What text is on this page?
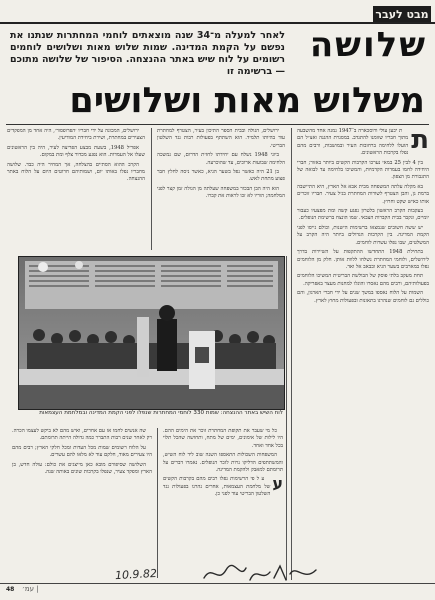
מבט לעבר
שלושה
לאחר למעלה מ־34 שנה מוצאתים לוחמי המחתרות שנתנו את נפשם על הקמת המדינה. שמות שלוש מאות ושלושים לוחמים רשומים על לוח שיש באתר ההנצחה. הסיפור של שלושה מתוכם — ברשימה זו
משלוש מאות ושלושים
ת

ת יכען עולי ורוסכארה ב־1947 נמנה אחד מהשבעה מתוך חבריו שזומנו להתנדב. במסגרת ההגנה ואצ״ל הם הועלו ללחימה ברחובות העיר ובמושבות, ורבים מהם נפלו בקרבות הראשונים.

בין 4 לבין 25 במאי נערכו הקרבות הקשים ביותר באזור; חברי היחידה לחמו בעמדות הקדמיות, והמשיכו בלחימה עד לבואה של התגבורת מן הצפון.

בא מקלה עלתה המשפחה מבית אבא אל הארץ, היא התיישבה ברמת גן, והבן הצטרף לשורות המחתרת בגיל צעיר. חבריו זוכרים אותו כאיש שקט וחרוץ.

בעקבות הקרב הראשון בלטרון נפגע קשה ומת מפצעיו כעבור יומיים, ונקבר בבית הקברות הצבאי. שמו הונצח ברשימת הנופלים.

יש ששה חשובים שנמצאו ברשימות הישנות, וכולם גייסו לפני הקמת המדינה. בין הקרבות הגדולים ביותר היה הקרב על המשלטים, שבו נפלו עשרות לוחמים.

בתחילת 1948 התחדשו ההתקפות על השיירות בדרך לירושלים, ולוחמי המחתרת נשלחו ללוות אותן. חלק מן הלוחמים נפלו במארבים בשער הגיא ובבאב אל ואד.

תחת מעקב בלתי פוסק של הבולשת הבריטית המשיכו הלוחמים בפעולותיהם, ורבים מהם נאסרו והוגלו למחנות מעצר באפריקה.

השמות על הלוח נאספו במשך שנים על ידי חברי הארגון, והם כוללים גם לוחמים שנהרגו בתאונות ובפעולות מחוץ לארץ.

ירושלים, הגולה ובבית הספר התיכון בעיר, הצטרף למחתרת עוד בהיותו תלמיד. הוא השתתף בפעולות רבות נגד השלטון הבריטי.

ביוני 1948 נשלח עם יחידתו לחזית הדרום, שם נמשכה הלחימה שבועות ארוכים, עד שהוכרעה.

בן 21 היה כאשר נפל בשער הגיא, כאשר ניסה לחלץ חבר פצוע מתחת לאש.

הוא היה הבן הבכור במשפחה שעלתה מן הגולה זמן קצר לפני המלחמה; הוריו לא זכו לראות את קברו.

ירושלים, המכונה על ידי חבריו ׳הפרופסור׳, היה אחד מן המפקדים הצעירים במחתרת, ושירת ביחידת המודיעין.

אפריל 1948, בשעת מבצע הפריצה לעיר, היה בין הראשונים שעלו אל העמדות. הוא נפגע מכדור צלף ומת במקום.

הקרב ההוא הסתיים בהצלחה, אך המחיר היה כבד. שלושה מחבריו נפלו באותו יום, ושמותיהם חרוטים היום על הלוח באתר ההנצחה.

לוח השיש באתר ההנצחה: שמות 330 לוחמי המחתרות שנפלו לפני הקמת המדינה ובמלחמת העצמאות

כל מי שעבר את תקופת המחתרת זוכר את הימים ההם. היו לילות של אימונים, ימים של מתח, ותחושה שהכל תלוי בכל אחד ואחד.

המשפחות השכולות התאספו השנה שוב ליד לוח השיש, והמשתתפים הדליקו נרות לזכר הנופלים. נאמרו דברים על תרומתם למאבק ולהקמת המדינה.

ע

ע ל פי הרשימות נפלו רבים מהם בקרבות הקשים של מלחמת העצמאות, אחרים נהרגו בפעולות נגד השלטון הבריטי עוד לפני כן.

שה אנשים לחמו אז עם אחרים, ואיש מהם לא ביקש לעצמו הכרה. רק לאחר שנים רבות התברר כמה גדולה הייתה תרומתם.

על הלוח רשומים שמות מכל העדות ומכל חלקי הארץ; רבים מהם היו צעירים מאוד, חלקם עוד לא מלאו להם עשרים.

השלושה שסיפורם מובא כאן מייצגים את כולם: עולה חדש, בן הארץ ומפקד צעיר, שנפלו בקרבות שונים באותה שנה.

10.9.82
48 | עמ׳
